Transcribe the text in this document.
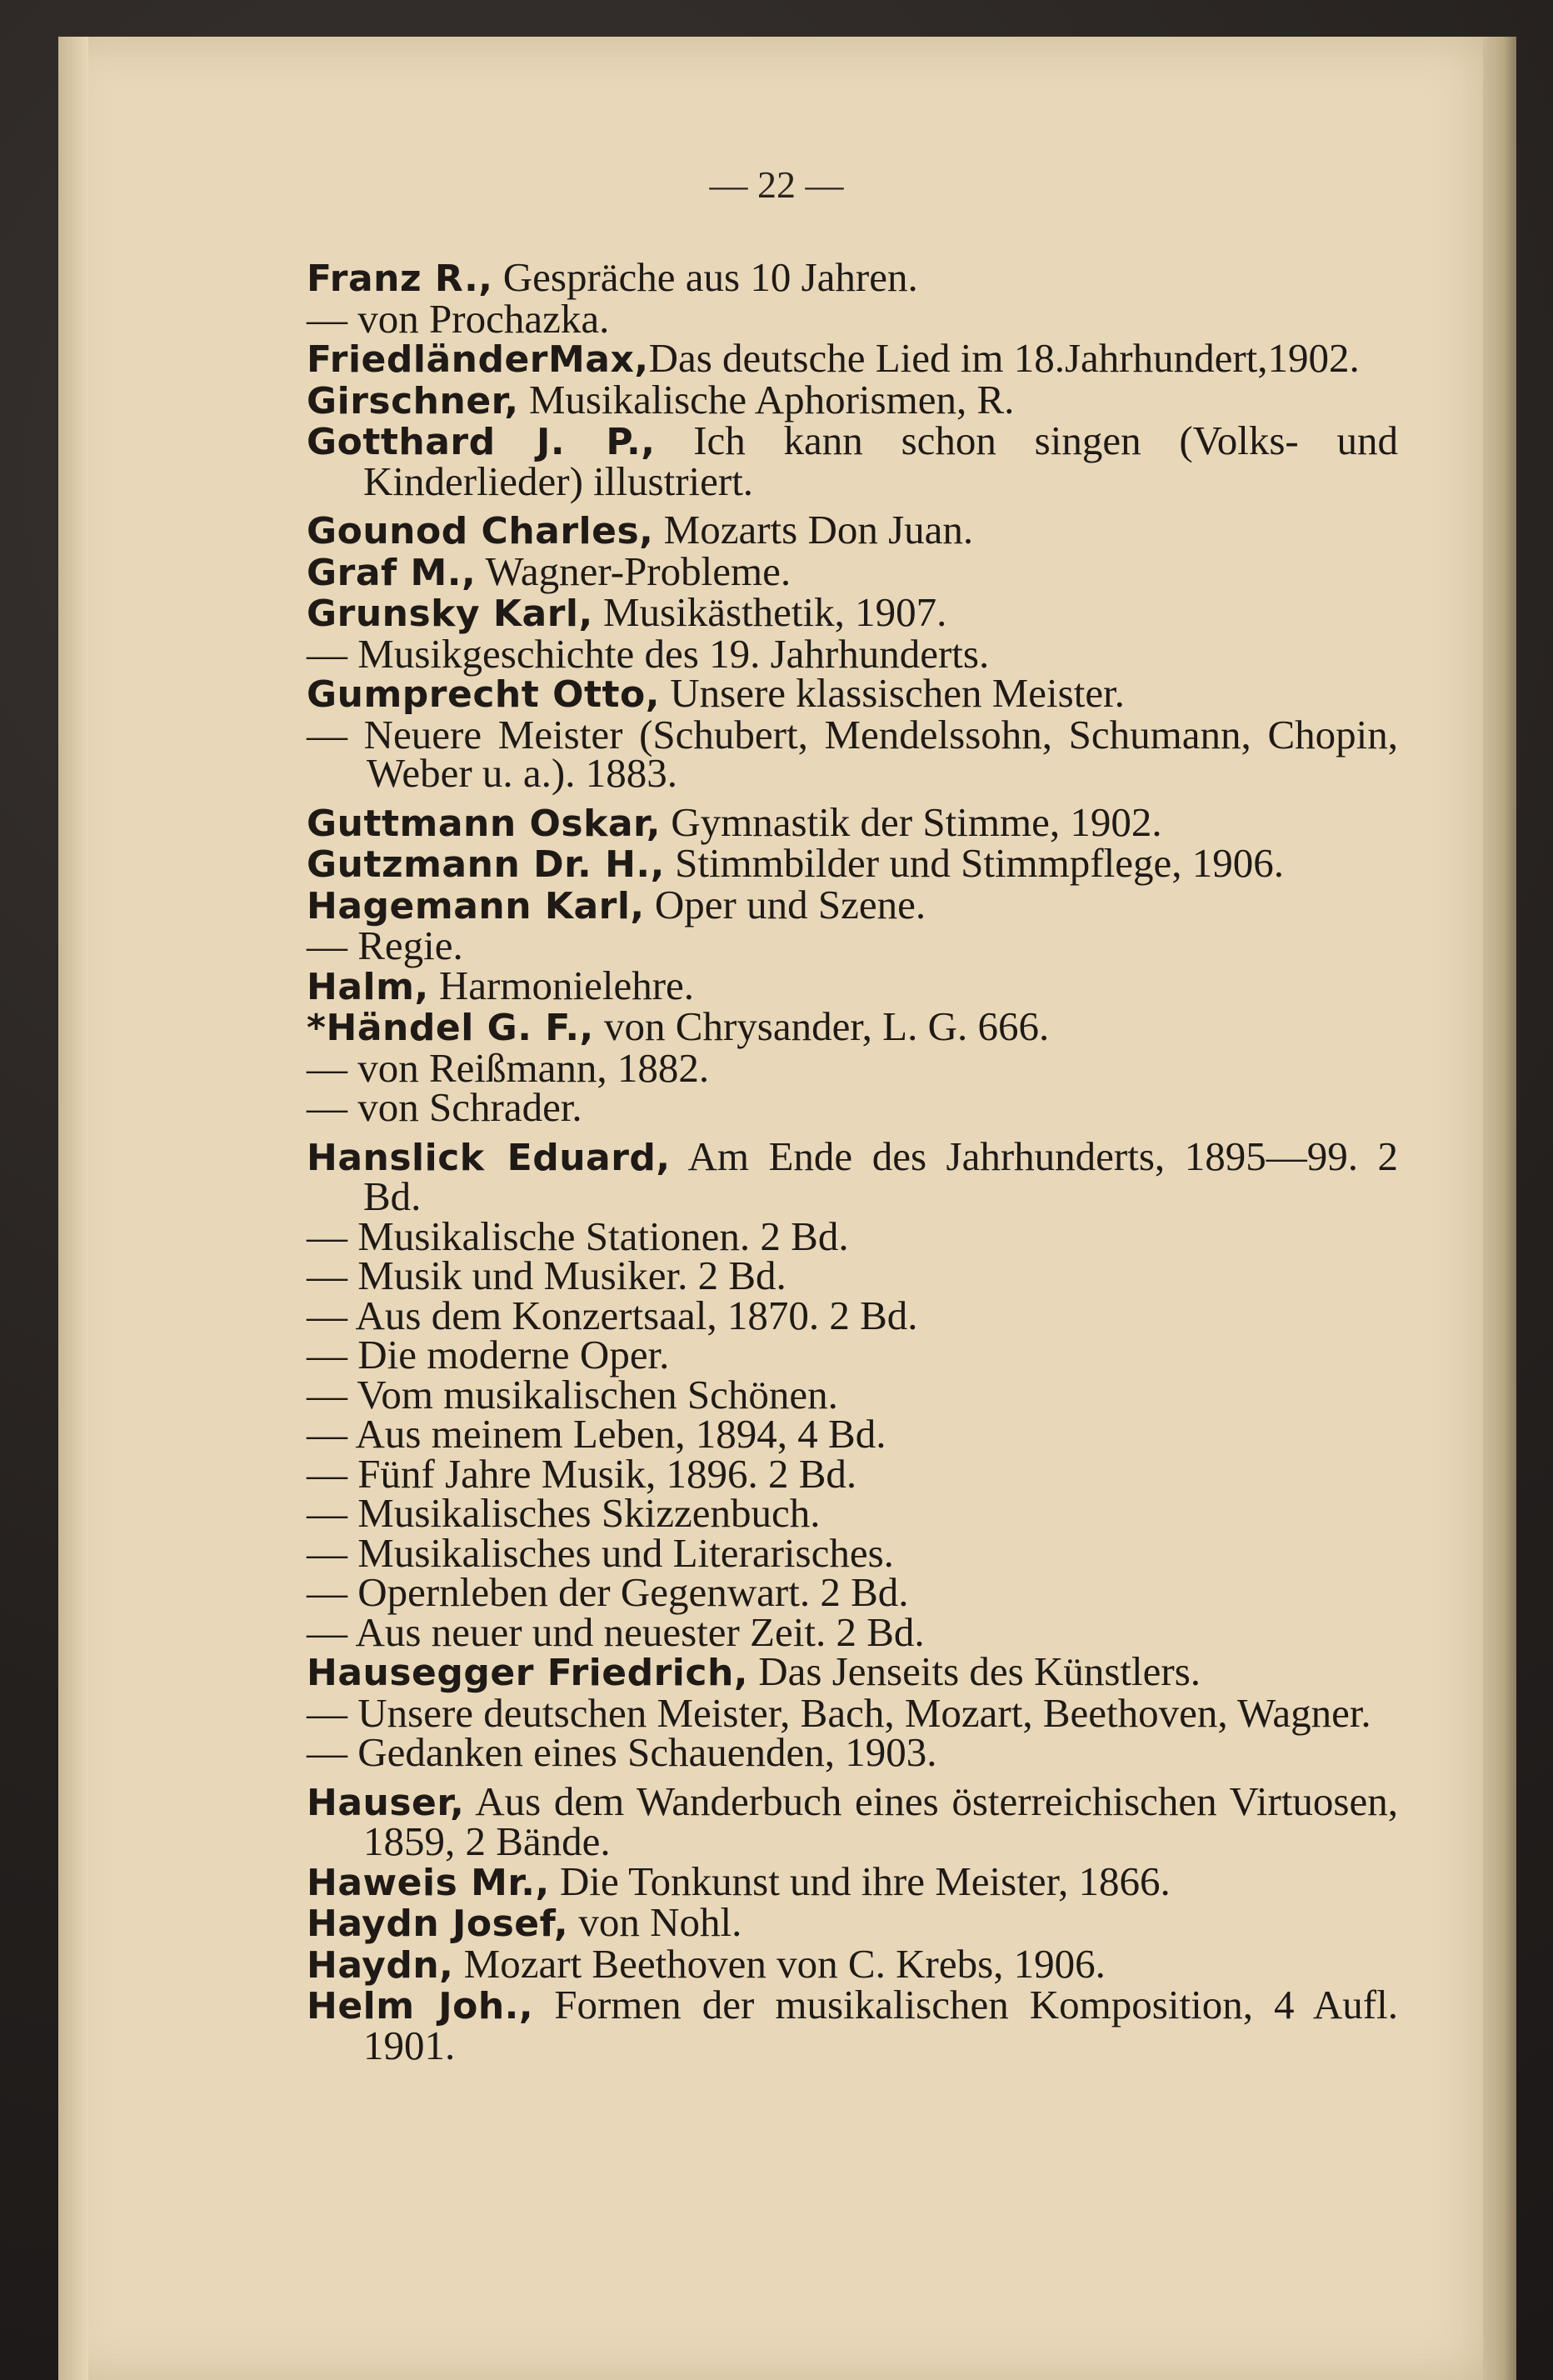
— 22 —
Franz R., Gespräche aus 10 Jahren.
— von Prochazka.
FriedländerMax,Das deutsche Lied im 18.Jahrhundert,1902.
Girschner, Musikalische Aphorismen, R.
Gotthard J. P., Ich kann schon singen (Volks- und Kinderlieder) illustriert.
Gounod Charles, Mozarts Don Juan.
Graf M., Wagner-Probleme.
Grunsky Karl, Musikästhetik, 1907.
— Musikgeschichte des 19. Jahrhunderts.
Gumprecht Otto, Unsere klassischen Meister.
— Neuere Meister (Schubert, Mendelssohn, Schumann, Chopin, Weber u. a.). 1883.
Guttmann Oskar, Gymnastik der Stimme, 1902.
Gutzmann Dr. H., Stimmbilder und Stimmpflege, 1906.
Hagemann Karl, Oper und Szene.
— Regie.
Halm, Harmonielehre.
*Händel G. F., von Chrysander, L. G. 666.
— von Reißmann, 1882.
— von Schrader.
Hanslick Eduard, Am Ende des Jahrhunderts, 1895—99. 2 Bd.
— Musikalische Stationen. 2 Bd.
— Musik und Musiker. 2 Bd.
— Aus dem Konzertsaal, 1870. 2 Bd.
— Die moderne Oper.
— Vom musikalischen Schönen.
— Aus meinem Leben, 1894, 4 Bd.
— Fünf Jahre Musik, 1896. 2 Bd.
— Musikalisches Skizzenbuch.
— Musikalisches und Literarisches.
— Opernleben der Gegenwart. 2 Bd.
— Aus neuer und neuester Zeit. 2 Bd.
Hausegger Friedrich, Das Jenseits des Künstlers.
— Unsere deutschen Meister, Bach, Mozart, Beethoven, Wagner.
— Gedanken eines Schauenden, 1903.
Hauser, Aus dem Wanderbuch eines österreichischen Virtuosen, 1859, 2 Bände.
Haweis Mr., Die Tonkunst und ihre Meister, 1866.
Haydn Josef, von Nohl.
Haydn, Mozart Beethoven von C. Krebs, 1906.
Helm Joh., Formen der musikalischen Komposition, 4 Aufl. 1901.
